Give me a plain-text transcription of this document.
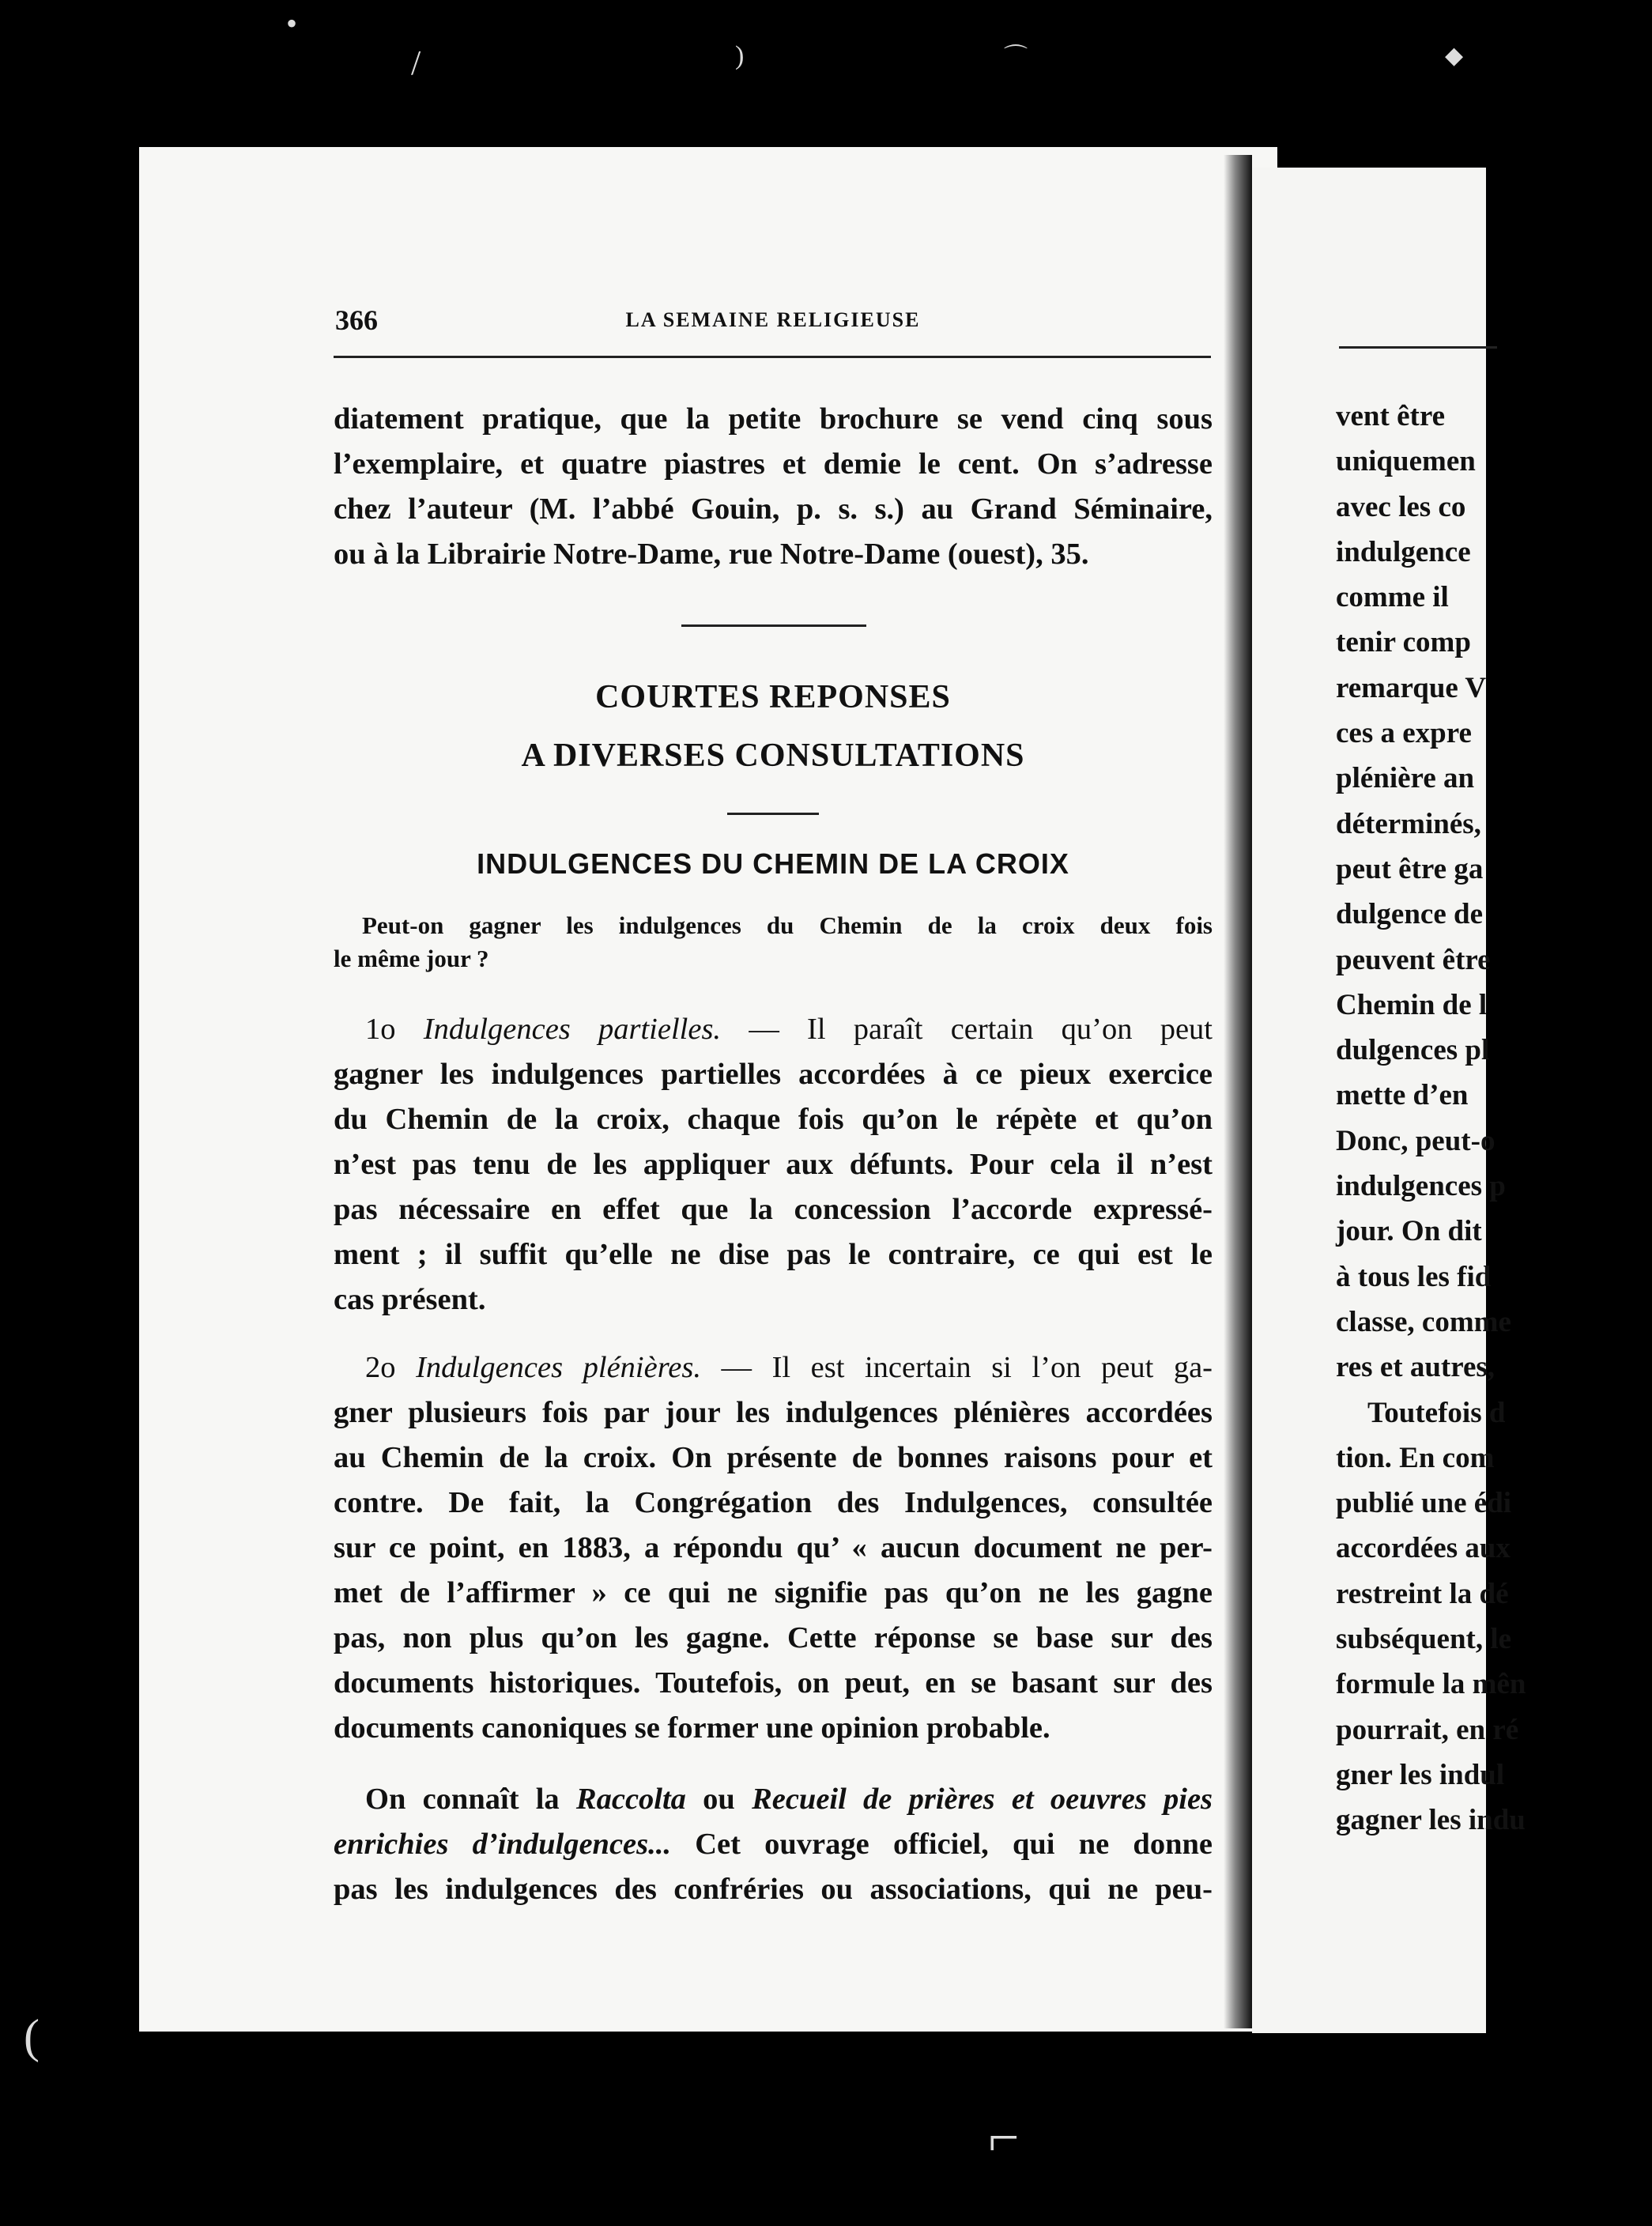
•
/	)	⌒	◆
(
⌐
366	LA SEMAINE RELIGIEUSE
diatement pratique, que la petite brochure se vend cinq sous
l’exemplaire, et quatre piastres et demie le cent. On s’adresse
chez l’auteur (M. l’abbé Gouin, p. s. s.) au Grand Séminaire,
ou à la Librairie Notre-Dame, rue Notre-Dame (ouest), 35.
COURTES REPONSES
A DIVERSES CONSULTATIONS
INDULGENCES DU CHEMIN DE LA CROIX
Peut-on gagner les indulgences du Chemin de la croix deux fois
le même jour ?
1o Indulgences partielles. — Il paraît certain qu’on peut
gagner les indulgences partielles accordées à ce pieux exercice
du Chemin de la croix, chaque fois qu’on le répète et qu’on
n’est pas tenu de les appliquer aux défunts. Pour cela il n’est
pas nécessaire en effet que la concession l’accorde expressé-
ment ; il suffit qu’elle ne dise pas le contraire, ce qui est le
cas présent.
2o Indulgences plénières. — Il est incertain si l’on peut ga-
gner plusieurs fois par jour les indulgences plénières accordées
au Chemin de la croix. On présente de bonnes raisons pour et
contre. De fait, la Congrégation des Indulgences, consultée
sur ce point, en 1883, a répondu qu’ « aucun document ne per-
met de l’affirmer » ce qui ne signifie pas qu’on ne les gagne
pas, non plus qu’on les gagne. Cette réponse se base sur des
documents historiques. Toutefois, on peut, en se basant sur des
documents canoniques se former une opinion probable.
On connaît la Raccolta ou Recueil de prières et oeuvres pies
enrichies d’indulgences... Cet ouvrage officiel, qui ne donne
pas les indulgences des confréries ou associations, qui ne peu-
vent être
uniquemen
avec les co
indulgence
comme il
tenir comp
remarque V
ces a expre
plénière an
déterminés,
peut être ga
dulgence de
peuvent être
Chemin de l
dulgences pl
mette d’en
Donc, peut-o
indulgences p
jour. On dit
à tous les fid
classe, comme
res et autres,
Toutefois d
tion. En com
publié une édi
accordées aux
restreint la dé
subséquent, le
formule la mên
pourrait, en ré
gner les indul
gagner les indu
